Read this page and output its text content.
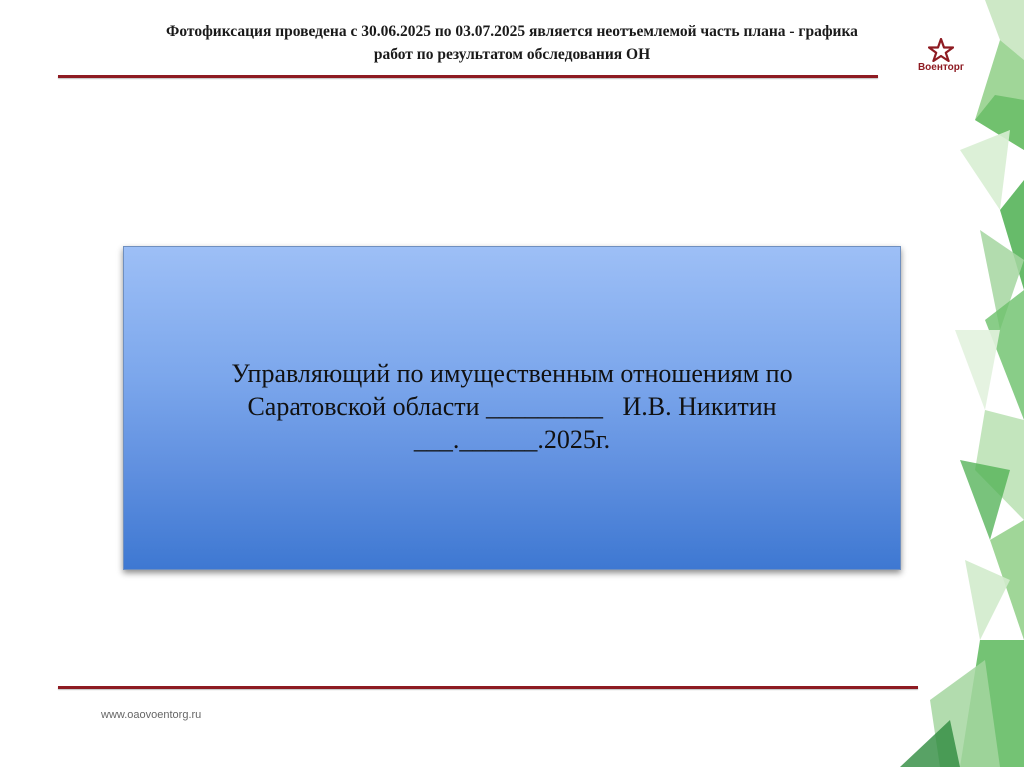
Фотофиксация проведена с 30.06.2025 по 03.07.2025 является неотъемлемой часть плана - графика
работ по результатом обследования ОН
Военторг
Управляющий по имущественным отношениям по
Саратовской области _________   И.В. Никитин
___.______.2025г.
www.oaovoentorg.ru
